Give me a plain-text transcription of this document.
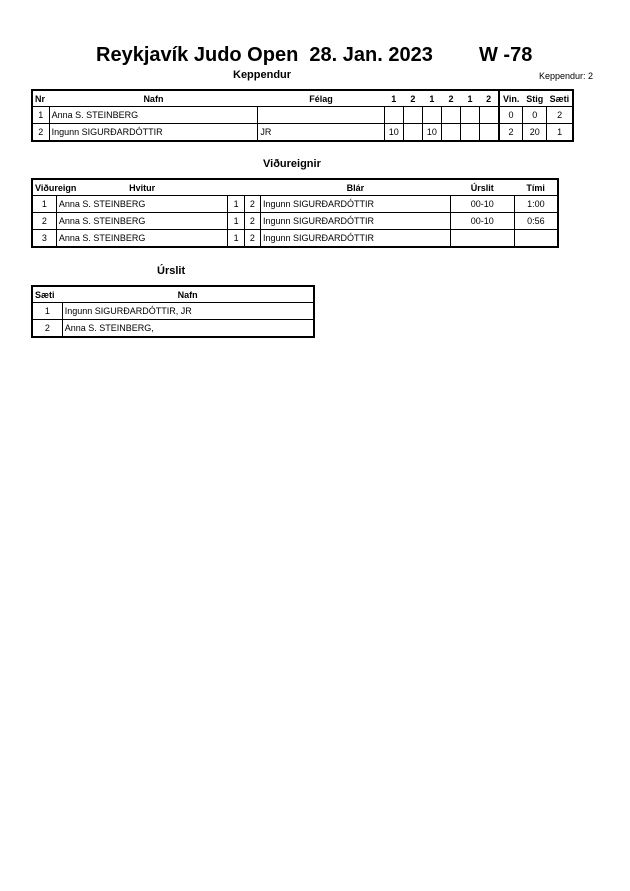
Reykjavík Judo Open  28. Jan. 2023 W -78
Keppendur	Keppendur: 2
Nr	Nafn	Félag	1	2	1	2	1	2	Vin.	Stig	Sæti
1	Anna S. STEINBERG								0	0	2
2	Ingunn SIGURÐARDÓTTIR	JR	10		10				2	20	1
Viðureignir
Viðureign	Hvitur			Blár	Úrslit	Tími
1	Anna S. STEINBERG	1	2	Ingunn SIGURÐARDÓTTIR	00-10	1:00
2	Anna S. STEINBERG	1	2	Ingunn SIGURÐARDÓTTIR	00-10	0:56
3	Anna S. STEINBERG	1	2	Ingunn SIGURÐARDÓTTIR		
Úrslit
Sæti	Nafn
1	Ingunn SIGURÐARDÓTTIR, JR
2	Anna S. STEINBERG,
